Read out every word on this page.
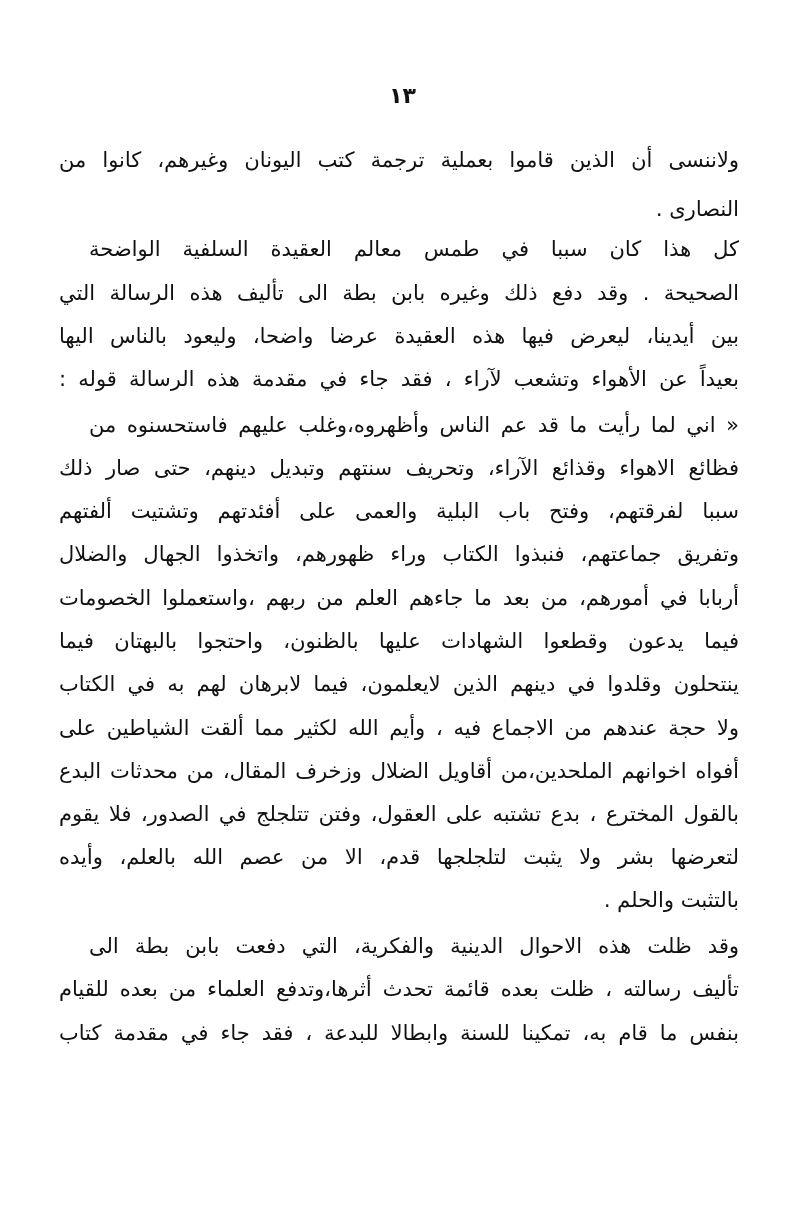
١٣
ولاننسى أن الذين قاموا بعملية ترجمة كتب اليونان وغيرهم، كانوا من
النصارى .
كل هذا كان سببا في طمس معالم العقيدة السلفية الواضحة
الصحيحة . وقد دفع ذلك وغيره بابن بطة الى تأليف هذه الرسالة التي
بين أيدينا، ليعرض فيها هذه العقيدة عرضا واضحا، وليعود بالناس اليها
بعيداً عن الأهواء وتشعب لآراء ، فقد جاء في مقدمة هذه الرسالة قوله :
« اني لما رأيت ما قد عم الناس وأظهروه،وغلب عليهم فاستحسنوه من
فظائع الاهواء وقذائع الآراء، وتحريف سنتهم وتبديل دينهم، حتى صار ذلك
سببا لفرقتهم، وفتح باب البلية والعمى على أفئدتهم وتشتيت ألفتهم
وتفريق جماعتهم، فنبذوا الكتاب وراء ظهورهم، واتخذوا الجهال والضلال
أربابا في أمورهم، من بعد ما جاءهم العلم من ربهم ،واستعملوا الخصومات
فيما يدعون وقطعوا الشهادات عليها بالظنون، واحتجوا بالبهتان فيما
ينتحلون وقلدوا في دينهم الذين لايعلمون، فيما لابرهان لهم به في الكتاب
ولا حجة عندهم من الاجماع فيه ، وأيم الله لكثير مما ألقت الشياطين على
أفواه اخوانهم الملحدين،من أقاويل الضلال وزخرف المقال، من محدثات البدع
بالقول المخترع ، بدع تشتبه على العقول، وفتن تتلجلج في الصدور، فلا يقوم
لتعرضها بشر ولا يثبت لتلجلجها قدم، الا من عصم الله بالعلم، وأيده
بالتثبت والحلم .
وقد ظلت هذه الاحوال الدينية والفكرية، التي دفعت بابن بطة الى
تأليف رسالته ، ظلت بعده قائمة تحدث أثرها،وتدفع العلماء من بعده للقيام
بنفس ما قام به، تمكينا للسنة وابطالا للبدعة ، فقد جاء في مقدمة كتاب
